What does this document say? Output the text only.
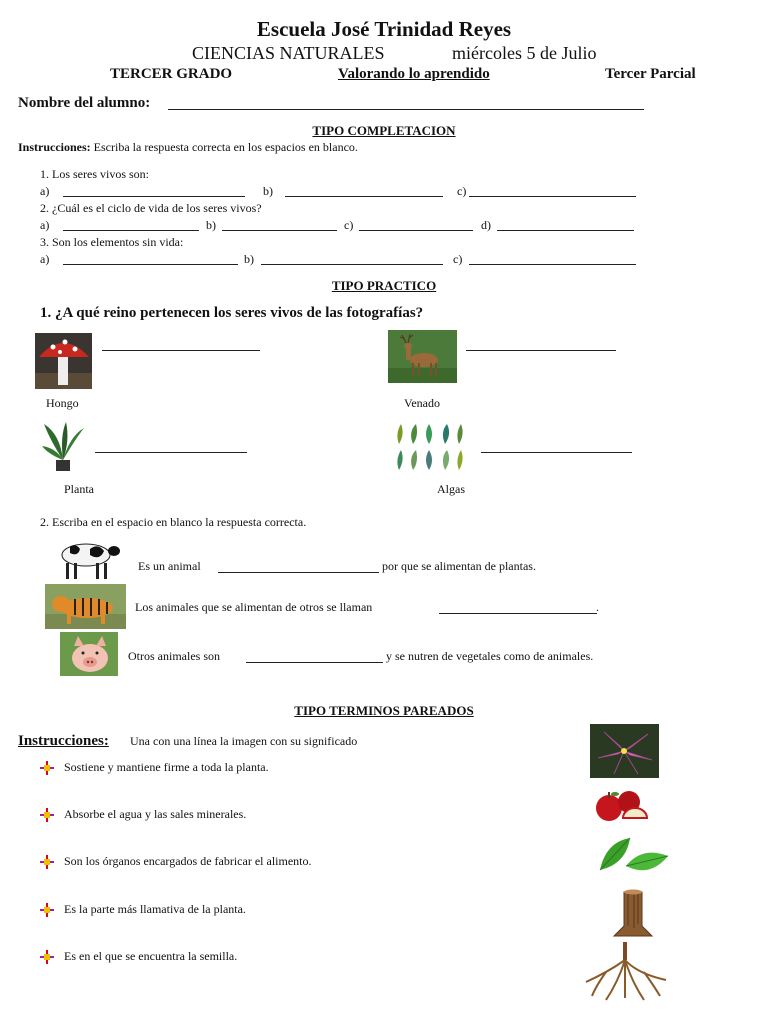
Escuela José Trinidad Reyes
CIENCIAS NATURALES	miércoles 5 de Julio
TERCER GRADO	Valorando lo aprendido	Tercer Parcial
Nombre del alumno:
TIPO COMPLETACION
Instrucciones: Escriba la respuesta correcta en los espacios en blanco.
1. Los seres vivos son:
a)	b)	c)
2. ¿Cuál es el ciclo de vida de los seres vivos?
a)	b)	c)	d)
3. Son los elementos sin vida:
a)	b)	c)
TIPO PRACTICO
1. ¿A qué reino pertenecen los seres vivos de las fotografías?
Hongo	Venado
Planta	Algas
2. Escriba en el espacio en blanco la respuesta correcta.
Es un animal	por que se alimentan de plantas.
Los animales que se alimentan de otros se llaman	.
Otros animales son	y se nutren de vegetales como de animales.
TIPO TERMINOS PAREADOS
Instrucciones: Una con una línea la imagen con su significado
Sostiene y mantiene firme a toda la planta.
Absorbe el agua y las sales minerales.
Son los órganos encargados de fabricar el alimento.
Es la parte más llamativa de la planta.
Es en el que se encuentra la semilla.
